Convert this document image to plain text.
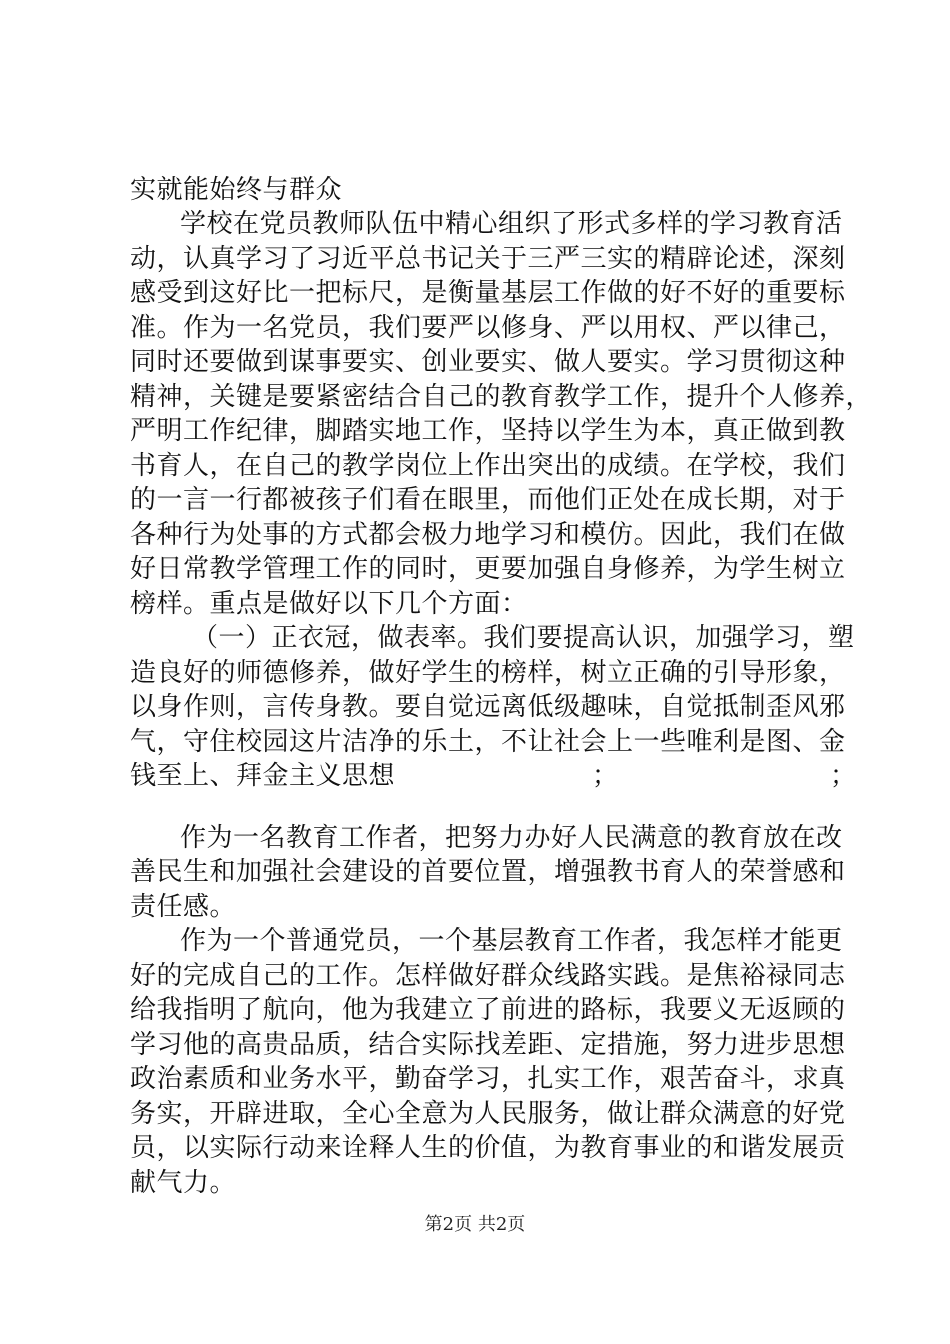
实就能始终与群众
学校在党员教师队伍中精心组织了形式多样的学习教育活
动，认真学习了习近平总书记关于三严三实的精辟论述，深刻
感受到这好比一把标尺，是衡量基层工作做的好不好的重要标
准。作为一名党员，我们要严以修身、严以用权、严以律己，
同时还要做到谋事要实、创业要实、做人要实。学习贯彻这种
精神，关键是要紧密结合自己的教育教学工作，提升个人修养，
严明工作纪律，脚踏实地工作，坚持以学生为本，真正做到教
书育人，在自己的教学岗位上作出突出的成绩。在学校，我们
的一言一行都被孩子们看在眼里，而他们正处在成长期，对于
各种行为处事的方式都会极力地学习和模仿。因此，我们在做
好日常教学管理工作的同时，更要加强自身修养，为学生树立
榜样。重点是做好以下几个方面：
（一）正衣冠，做表率。我们要提高认识，加强学习，塑
造良好的师德修养，做好学生的榜样，树立正确的引导形象，
以身作则，言传身教。要自觉远离低级趣味，自觉抵制歪风邪
气，守住校园这片洁净的乐土，不让社会上一些唯利是图、金
钱至上、拜金主义思想	；	；
作为一名教育工作者，把努力办好人民满意的教育放在改
善民生和加强社会建设的首要位置，增强教书育人的荣誉感和
责任感。
作为一个普通党员，一个基层教育工作者，我怎样才能更
好的完成自己的工作。怎样做好群众线路实践。是焦裕禄同志
给我指明了航向，他为我建立了前进的路标，我要义无返顾的
学习他的高贵品质，结合实际找差距、定措施，努力进步思想
政治素质和业务水平，勤奋学习，扎实工作，艰苦奋斗，求真
务实，开辟进取，全心全意为人民服务，做让群众满意的好党
员，以实际行动来诠释人生的价值，为教育事业的和谐发展贡
献气力。
第2页 共2页
